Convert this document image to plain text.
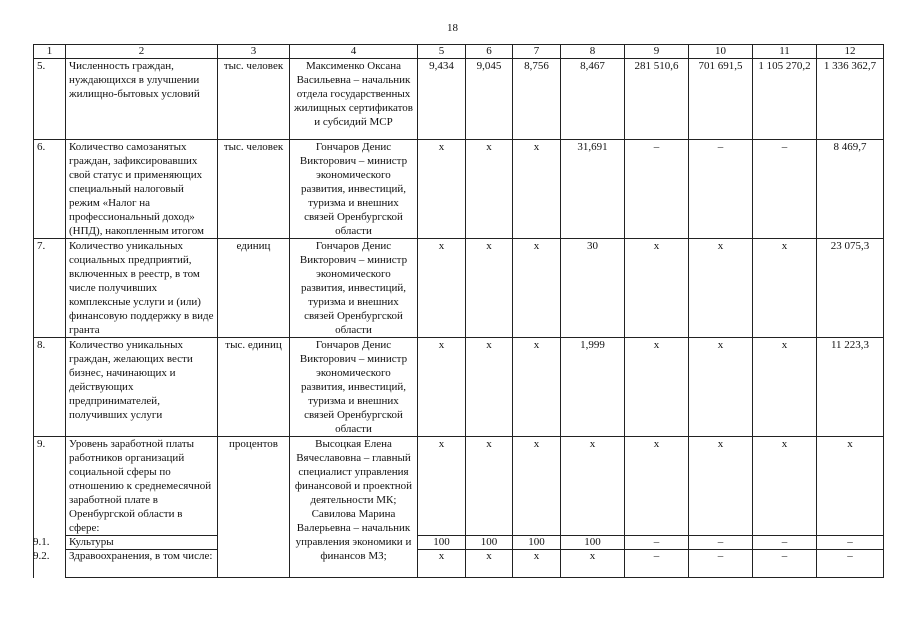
18
1	2	3	4	5	6	7	8	9	10	11	12
5.	Численность граждан, нуждающихся в улучшении жилищно-бытовых условий	тыс. человек	Максименко Оксана Васильевна – начальник отдела государственных жилищных сертификатов и субсидий МСР	9,434	9,045	8,756	8,467	281 510,6	701 691,5	1 105 270,2	1 336 362,7
6.	Количество самозанятых граждан, зафиксировавших свой статус и применяющих специальный налоговый режим «Налог на профессиональный доход» (НПД), накопленным итогом	тыс. человек	Гончаров Денис Викторович – министр экономического развития, инвестиций, туризма и внешних связей Оренбургской области	x	x	x	31,691	–	–	–	8 469,7
7.	Количество уникальных социальных предприятий, включенных в реестр, в том числе получивших комплексные услуги и (или) финансовую поддержку в виде гранта	единиц	Гончаров Денис Викторович – министр экономического развития, инвестиций, туризма и внешних связей Оренбургской области	x	x	x	30	x	x	x	23 075,3
8.	Количество уникальных граждан, желающих вести бизнес, начинающих и действующих предпринимателей, получивших услуги	тыс. единиц	Гончаров Денис Викторович – министр экономического развития, инвестиций, туризма и внешних связей Оренбургской области	x	x	x	1,999	x	x	x	11 223,3
9.	Уровень заработной платы работников организаций социальной сферы по отношению к среднемесячной заработной плате в Оренбургской области в сфере:	процентов	Высоцкая Елена Вячеславовна – главный специалист управления финансовой и проектной деятельности МК; Савилова Марина Валерьевна – начальник управления экономики и финансов МЗ;	x	x	x	x	x	x	x	x
	9.1. Культуры			100	100	100	100	–	–	–	–
	9.2. Здравоохранения, в том числе:			x	x	x	x	–	–	–	–
